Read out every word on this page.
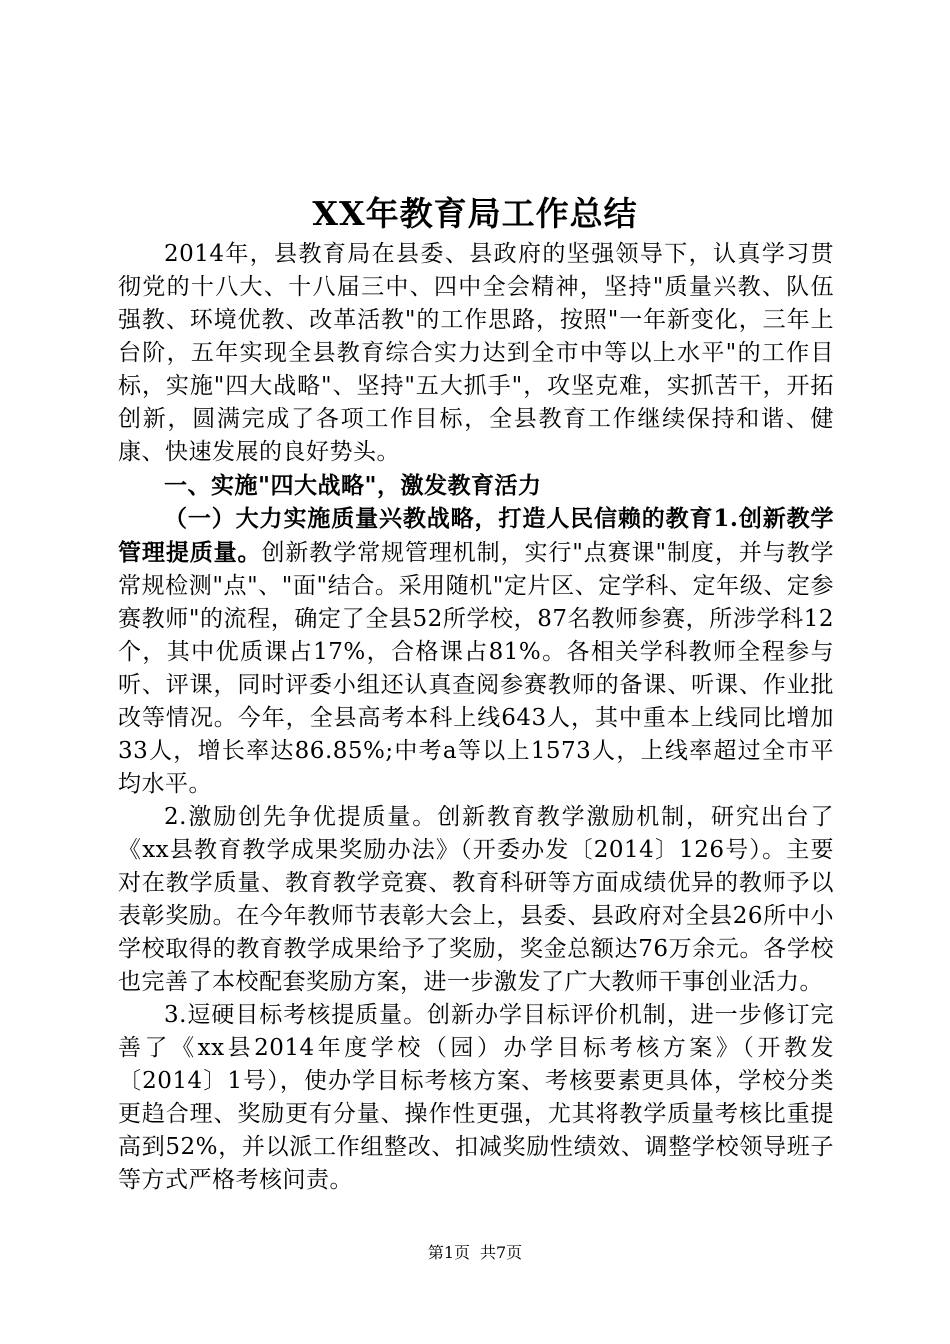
XX年教育局工作总结

2014年，县教育局在县委、县政府的坚强领导下，认真学习贯彻党的十八大、十八届三中、四中全会精神，坚持"质量兴教、队伍强教、环境优教、改革活教"的工作思路，按照"一年新变化，三年上台阶，五年实现全县教育综合实力达到全市中等以上水平"的工作目标，实施"四大战略"、坚持"五大抓手"，攻坚克难，实抓苦干，开拓创新，圆满完成了各项工作目标，全县教育工作继续保持和谐、健康、快速发展的良好势头。

一、实施"四大战略"，激发教育活力

（一）大力实施质量兴教战略，打造人民信赖的教育1.创新教学管理提质量。创新教学常规管理机制，实行"点赛课"制度，并与教学常规检测"点"、"面"结合。采用随机"定片区、定学科、定年级、定参赛教师"的流程，确定了全县52所学校，87名教师参赛，所涉学科12个，其中优质课占17%，合格课占81%。各相关学科教师全程参与听、评课，同时评委小组还认真查阅参赛教师的备课、听课、作业批改等情况。今年，全县高考本科上线643人，其中重本上线同比增加33人，增长率达86.85%;中考a等以上1573人，上线率超过全市平均水平。

2.激励创先争优提质量。创新教育教学激励机制，研究出台了《xx县教育教学成果奖励办法》（开委办发〔2014〕126号）。主要对在教学质量、教育教学竞赛、教育科研等方面成绩优异的教师予以表彰奖励。在今年教师节表彰大会上，县委、县政府对全县26所中小学校取得的教育教学成果给予了奖励，奖金总额达76万余元。各学校也完善了本校配套奖励方案，进一步激发了广大教师干事创业活力。

3.逗硬目标考核提质量。创新办学目标评价机制，进一步修订完善了《xx县2014年度学校（园）办学目标考核方案》（开教发〔2014〕1号），使办学目标考核方案、考核要素更具体，学校分类更趋合理、奖励更有分量、操作性更强，尤其将教学质量考核比重提高到52%，并以派工作组整改、扣减奖励性绩效、调整学校领导班子等方式严格考核问责。

第1页 共7页
